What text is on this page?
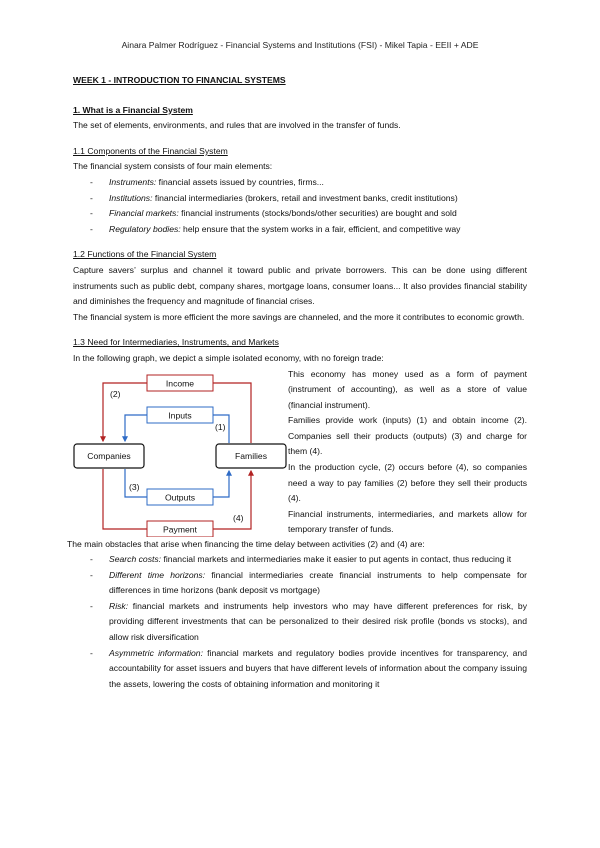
Ainara Palmer Rodríguez - Financial Systems and Institutions (FSI) - Mikel Tapia - EEII + ADE

WEEK 1 - INTRODUCTION TO FINANCIAL SYSTEMS

1. What is a Financial System

The set of elements, environments, and rules that are involved in the transfer of funds.

1.1 Components of the Financial System

The financial system consists of four main elements:

- Instruments: financial assets issued by countries, firms...
- Institutions: financial intermediaries (brokers, retail and investment banks, credit institutions)
- Financial markets: financial instruments (stocks/bonds/other securities) are bought and sold
- Regulatory bodies: help ensure that the system works in a fair, efficient, and competitive way

1.2 Functions of the Financial System

Capture savers’ surplus and channel it toward public and private borrowers. This can be done using different instruments such as public debt, company shares, mortgage loans, consumer loans... It also provides financial stability and diminishes the frequency and magnitude of financial crises.

The financial system is more efficient the more savings are channeled, and the more it contributes to economic growth.

1.3 Need for Intermediaries, Instruments, and Markets

In the following graph, we depict a simple isolated economy, with no foreign trade:

Income
Inputs
Outputs
Payment
Companies	Families
(2)
(1)
(3)
(4)

This economy has money used as a form of payment (instrument of accounting), as well as a store of value (financial instrument).

Families provide work (inputs) (1) and obtain income (2). Companies sell their products (outputs) (3) and charge for them (4).

In the production cycle, (2) occurs before (4), so companies need a way to pay families (2) before they sell their products (4).

Financial instruments, intermediaries, and markets allow for temporary transfer of funds.

The main obstacles that arise when financing the time delay between activities (2) and (4) are:

- Search costs: financial markets and intermediaries make it easier to put agents in contact, thus reducing it
- Different time horizons: financial intermediaries create financial instruments to help compensate for differences in time horizons (bank deposit vs mortgage)
- Risk: financial markets and instruments help investors who may have different preferences for risk, by providing different investments that can be personalized to their desired risk profile (bonds vs stocks), and allow risk diversification
- Asymmetric information: financial markets and regulatory bodies provide incentives for transparency, and accountability for asset issuers and buyers that have different levels of information about the company issuing the assets, lowering the costs of obtaining information and monitoring it
